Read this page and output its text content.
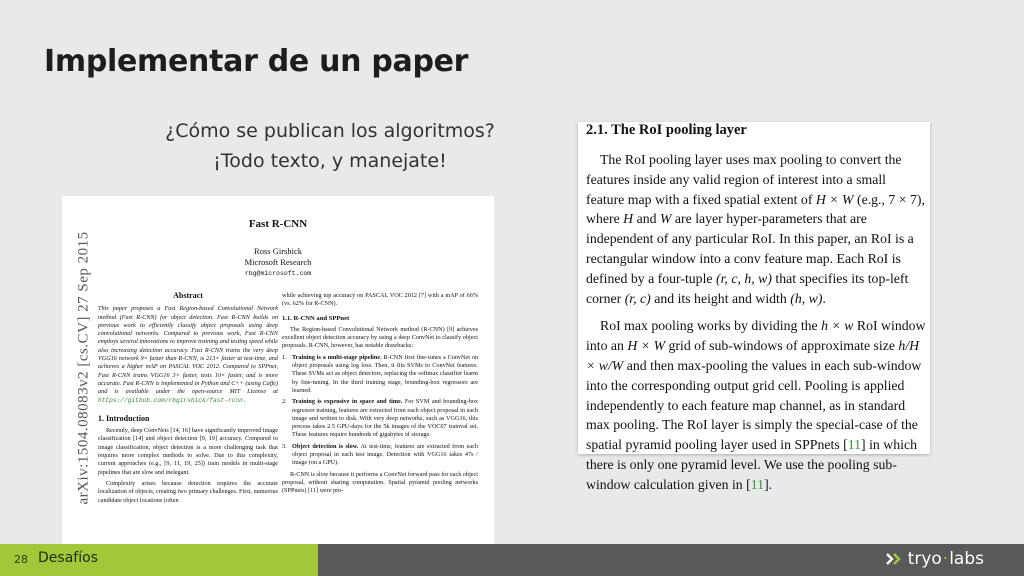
Implementar de un paper
¿Cómo se publican los algoritmos?
¡Todo texto, y manejate!
arXiv:1504.08083v2 [cs.CV] 27 Sep 2015
Fast R-CNN
Ross Girshick
Microsoft Research
rbg@microsoft.com
Abstract

This paper proposes a Fast Region-based Convolutional Network method (Fast R-CNN) for object detection. Fast R-CNN builds on previous work to efficiently classify object proposals using deep convolutional networks. Compared to previous work, Fast R-CNN employs several innovations to improve training and testing speed while also increasing detection accuracy. Fast R-CNN trains the very deep VGG16 network 9× faster than R-CNN, is 213× faster at test-time, and achieves a higher mAP on PASCAL VOC 2012. Compared to SPPnet, Fast R-CNN trains VGG16 3× faster, tests 10× faster, and is more accurate. Fast R-CNN is implemented in Python and C++ (using Caffe) and is available under the open-source MIT License at https://github.com/rbgirshick/fast-rcnn.

1. Introduction

Recently, deep ConvNets [14, 16] have significantly improved image classification [14] and object detection [9, 19] accuracy. Compared to image classification, object detection is a more challenging task that requires more complex methods to solve. Due to this complexity, current approaches (e.g., [9, 11, 19, 25]) train models in multi-stage pipelines that are slow and inelegant.

Complexity arises because detection requires the accurate localization of objects, creating two primary challenges. First, numerous candidate object locations (often

while achieving top accuracy on PASCAL VOC 2012 [7] with a mAP of 66% (vs. 62% for R-CNN).

1.1. R-CNN and SPPnet

The Region-based Convolutional Network method (R-CNN) [9] achieves excellent object detection accuracy by using a deep ConvNet to classify object proposals. R-CNN, however, has notable drawbacks:

1. Training is a multi-stage pipeline. R-CNN first fine-tunes a ConvNet on object proposals using log loss. Then, it fits SVMs to ConvNet features. These SVMs act as object detectors, replacing the softmax classifier learnt by fine-tuning. In the third training stage, bounding-box regressors are learned.
2. Training is expensive in space and time. For SVM and bounding-box regressor training, features are extracted from each object proposal in each image and written to disk. With very deep networks, such as VGG16, this process takes 2.5 GPU-days for the 5k images of the VOC07 trainval set. These features require hundreds of gigabytes of storage.
3. Object detection is slow. At test-time, features are extracted from each object proposal in each test image. Detection with VGG16 takes 47s / image (on a GPU).

R-CNN is slow because it performs a ConvNet forward pass for each object proposal, without sharing computation. Spatial pyramid pooling networks (SPPnets) [11] were pro-

2.1. The RoI pooling layer

The RoI pooling layer uses max pooling to convert the features inside any valid region of interest into a small feature map with a fixed spatial extent of H × W (e.g., 7 × 7), where H and W are layer hyper-parameters that are independent of any particular RoI. In this paper, an RoI is a rectangular window into a conv feature map. Each RoI is defined by a four-tuple (r, c, h, w) that specifies its top-left corner (r, c) and its height and width (h, w).

RoI max pooling works by dividing the h × w RoI window into an H × W grid of sub-windows of approximate size h/H × w/W and then max-pooling the values in each sub-window into the corresponding output grid cell. Pooling is applied independently to each feature map channel, as in standard max pooling. The RoI layer is simply the special-case of the spatial pyramid pooling layer used in SPPnets [11] in which there is only one pyramid level. We use the pooling sub-window calculation given in [11].

28 Desafíos	tryo · labs
